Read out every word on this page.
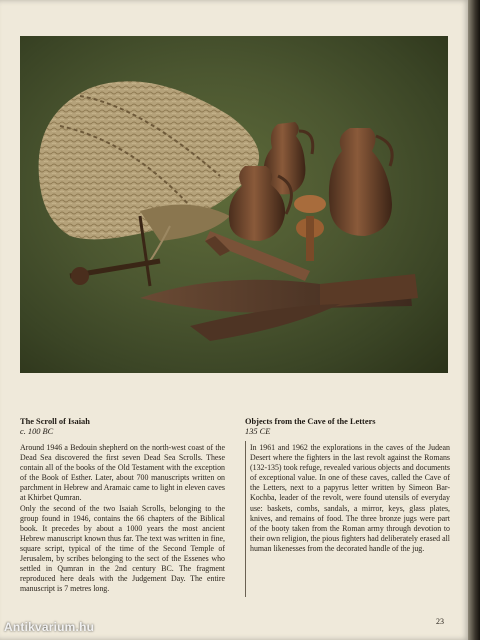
The Scroll of Isaiah
c. 100 BC

Around 1946 a Bedouin shepherd on the north-west coast of the Dead Sea discovered the first seven Dead Sea Scrolls. These contain all of the books of the Old Testament with the exception of the Book of Esther. Later, about 700 manuscripts written on parchment in Hebrew and Aramaic came to light in eleven caves at Khirbet Qumran.

Only the second of the two Isaiah Scrolls, belonging to the group found in 1946, contains the 66 chapters of the Biblical book. It precedes by about a 1000 years the most ancient Hebrew manuscript known thus far. The text was written in fine, square script, typical of the time of the Second Temple of Jerusalem, by scribes belonging to the sect of the Essenes who settled in Qumran in the 2nd century BC. The fragment reproduced here deals with the Judgement Day. The entire manuscript is 7 metres long.

Objects from the Cave of the Letters
135 CE

In 1961 and 1962 the explorations in the caves of the Judean Desert where the fighters in the last revolt against the Romans (132-135) took refuge, revealed various objects and documents of exceptional value. In one of these caves, called the Cave of the Letters, next to a papyrus letter written by Simeon Bar-Kochba, leader of the revolt, were found utensils of everyday use: baskets, combs, sandals, a mirror, keys, glass plates, knives, and remains of food. The three bronze jugs were part of the booty taken from the Roman army through devotion to their own religion, the pious fighters had deliberately erased all human likenesses from the decorated handle of the jug.

23
Antikvarium.hu
